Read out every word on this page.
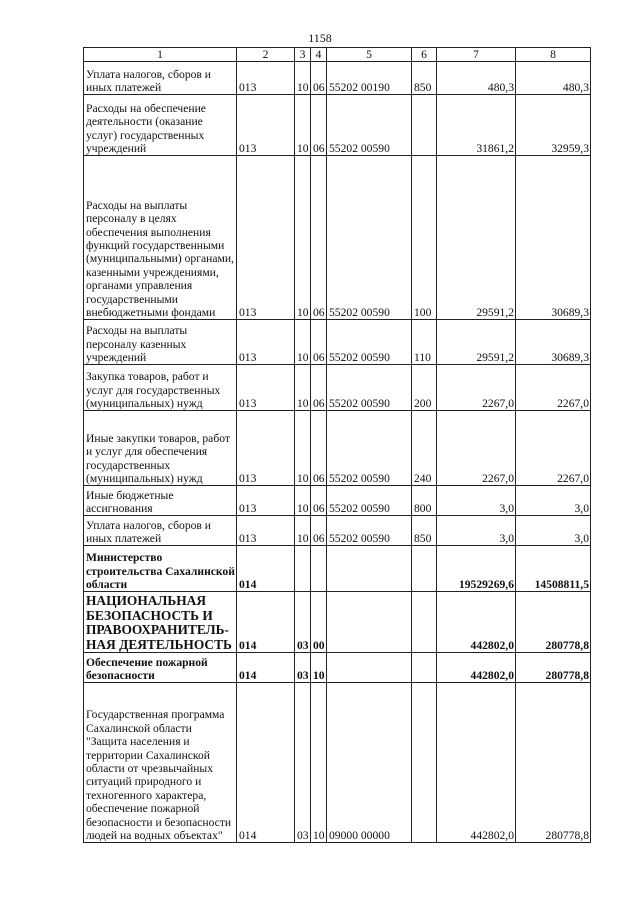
1158
1	2	3	4	5	6	7	8
Уплата налогов, сборов и иных платежей	013	10	06	55202 00190	850	480,3	480,3
Расходы на обеспечение деятельности (оказание услуг) государственных учреждений	013	10	06	55202 00590		31861,2	32959,3
Расходы на выплаты персоналу в целях обеспечения выполнения функций государственными (муниципальными) органами, казенными учреждениями, органами управления государственными внебюджетными фондами	013	10	06	55202 00590	100	29591,2	30689,3
Расходы на выплаты персоналу казенных учреждений	013	10	06	55202 00590	110	29591,2	30689,3
Закупка товаров, работ и услуг для государственных (муниципальных) нужд	013	10	06	55202 00590	200	2267,0	2267,0
Иные закупки товаров, работ и услуг для обеспечения государственных (муниципальных) нужд	013	10	06	55202 00590	240	2267,0	2267,0
Иные бюджетные ассигнования	013	10	06	55202 00590	800	3,0	3,0
Уплата налогов, сборов и иных платежей	013	10	06	55202 00590	850	3,0	3,0
Министерство строительства Сахалинской области	014					19529269,6	14508811,5
НАЦИОНАЛЬНАЯ БЕЗОПАСНОСТЬ И ПРАВООХРАНИТЕЛЬ-НАЯ ДЕЯТЕЛЬНОСТЬ	014	03	00			442802,0	280778,8
Обеспечение пожарной безопасности	014	03	10			442802,0	280778,8
Государственная программа Сахалинской области "Защита населения и территории Сахалинской области от чрезвычайных ситуаций природного и техногенного характера, обеспечение пожарной безопасности и безопасности людей на водных объектах"	014	03	10	09000 00000		442802,0	280778,8
